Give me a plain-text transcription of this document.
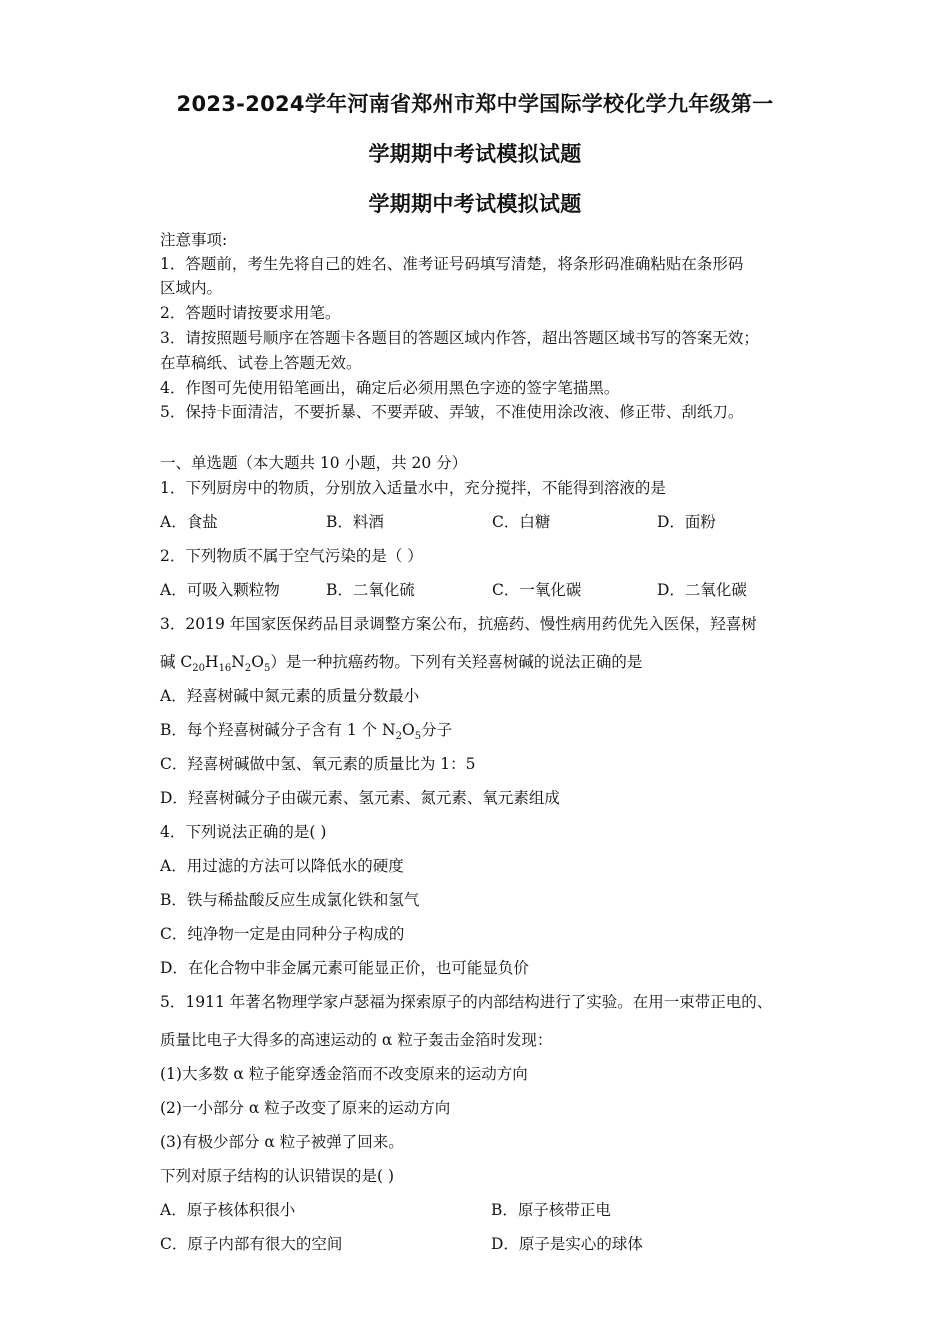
2023-2024学年河南省郑州市郑中学国际学校化学九年级第一
学期期中考试模拟试题
学期期中考试模拟试题
注意事项:
1．答题前，考生先将自己的姓名、准考证号码填写清楚，将条形码准确粘贴在条形码
区域内。
2．答题时请按要求用笔。
3．请按照题号顺序在答题卡各题目的答题区域内作答，超出答题区域书写的答案无效；
在草稿纸、试卷上答题无效。
4．作图可先使用铅笔画出，确定后必须用黑色字迹的签字笔描黑。
5．保持卡面清洁，不要折暴、不要弄破、弄皱，不准使用涂改液、修正带、刮纸刀。
一、单选题（本大题共 10 小题，共 20 分）
1．下列厨房中的物质，分别放入适量水中，充分搅拌，不能得到溶液的是
A．食盐	B．料酒	C．白糖	D．面粉
2．下列物质不属于空气污染的是（ ）
A．可吸入颗粒物	B．二氧化硫	C．一氧化碳	D．二氧化碳
3．2019 年国家医保药品目录调整方案公布，抗癌药、慢性病用药优先入医保，羟喜树
碱 $C_{20}H_{16}N_2O_5$）是一种抗癌药物。下列有关羟喜树碱的说法正确的是
A．羟喜树碱中氮元素的质量分数最小
B．每个羟喜树碱分子含有 1 个 $N_2O_5$分子
C．羟喜树碱做中氢、氧元素的质量比为 1：5
D．羟喜树碱分子由碳元素、氢元素、氮元素、氧元素组成
4．下列说法正确的是( )
A．用过滤的方法可以降低水的硬度
B．铁与稀盐酸反应生成氯化铁和氢气
C．纯净物一定是由同种分子构成的
D．在化合物中非金属元素可能显正价，也可能显负价
5．1911 年著名物理学家卢瑟福为探索原子的内部结构进行了实验。在用一束带正电的、
质量比电子大得多的高速运动的 α 粒子轰击金箔时发现：
(1)大多数 α 粒子能穿透金箔而不改变原来的运动方向
(2)一小部分 α 粒子改变了原来的运动方向
(3)有极少部分 α 粒子被弹了回来。
下列对原子结构的认识错误的是( )
A．原子核体积很小	B．原子核带正电
C．原子内部有很大的空间	D．原子是实心的球体
